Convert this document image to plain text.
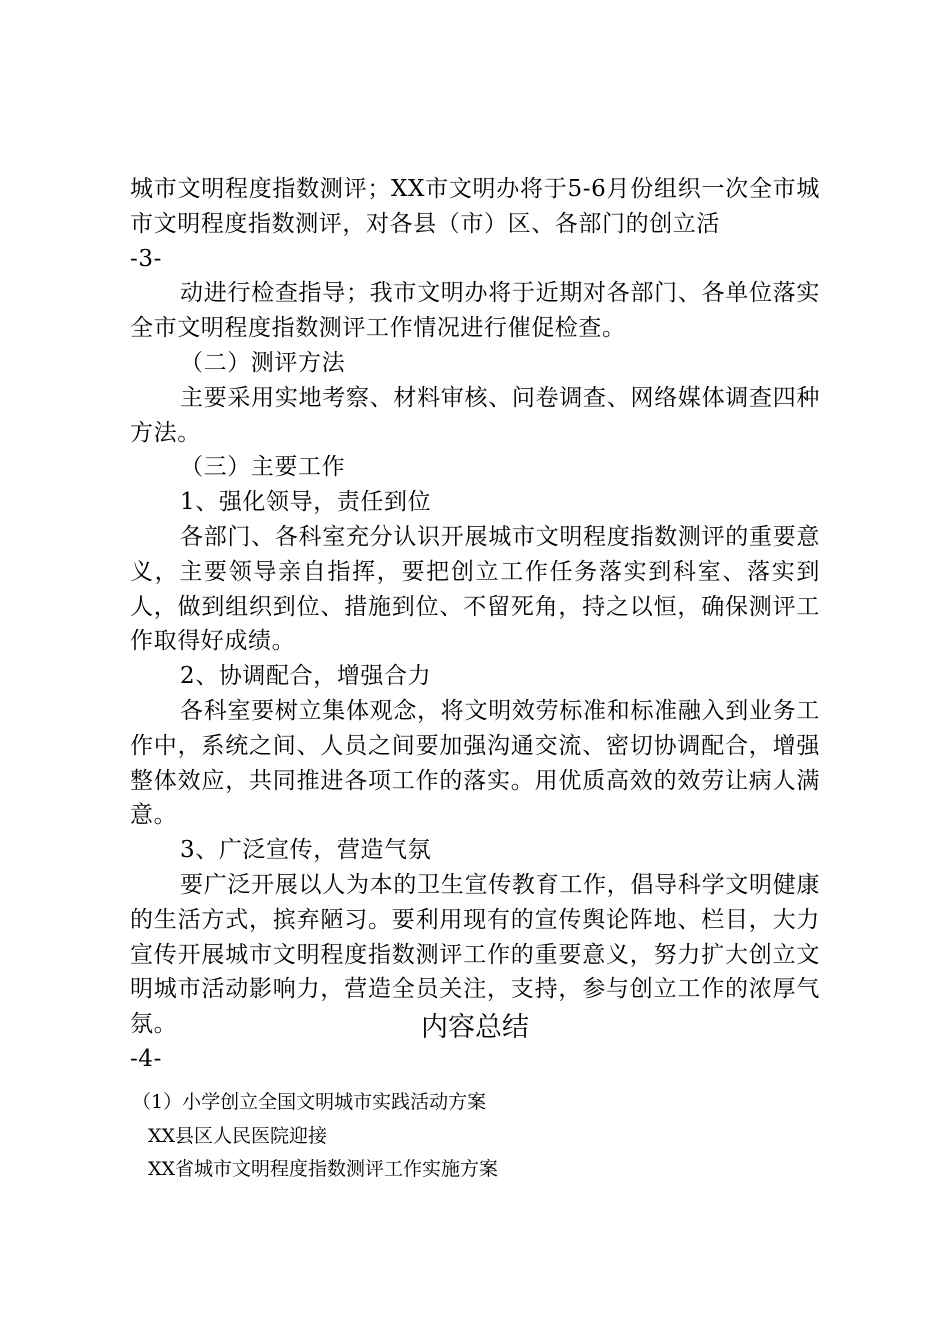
城市文明程度指数测评；XX市文明办将于5-6月份组织一次全市城市文明程度指数测评，对各县（市）区、各部门的创立活

-3-

动进行检查指导；我市文明办将于近期对各部门、各单位落实全市文明程度指数测评工作情况进行催促检查。

（二）测评方法

主要采用实地考察、材料审核、问卷调查、网络媒体调查四种方法。

（三）主要工作

1、强化领导，责任到位

各部门、各科室充分认识开展城市文明程度指数测评的重要意义，主要领导亲自指挥，要把创立工作任务落实到科室、落实到人，做到组织到位、措施到位、不留死角，持之以恒，确保测评工作取得好成绩。

2、协调配合，增强合力

各科室要树立集体观念，将文明效劳标准和标准融入到业务工作中，系统之间、人员之间要加强沟通交流、密切协调配合，增强整体效应，共同推进各项工作的落实。用优质高效的效劳让病人满意。

3、广泛宣传，营造气氛

要广泛开展以人为本的卫生宣传教育工作，倡导科学文明健康的生活方式，摈弃陋习。要利用现有的宣传舆论阵地、栏目，大力宣传开展城市文明程度指数测评工作的重要意义，努力扩大创立文明城市活动影响力，营造全员关注，支持，参与创立工作的浓厚气氛。

-4-

内容总结
（1）小学创立全国文明城市实践活动方案
XX县区人民医院迎接
XX省城市文明程度指数测评工作实施方案
